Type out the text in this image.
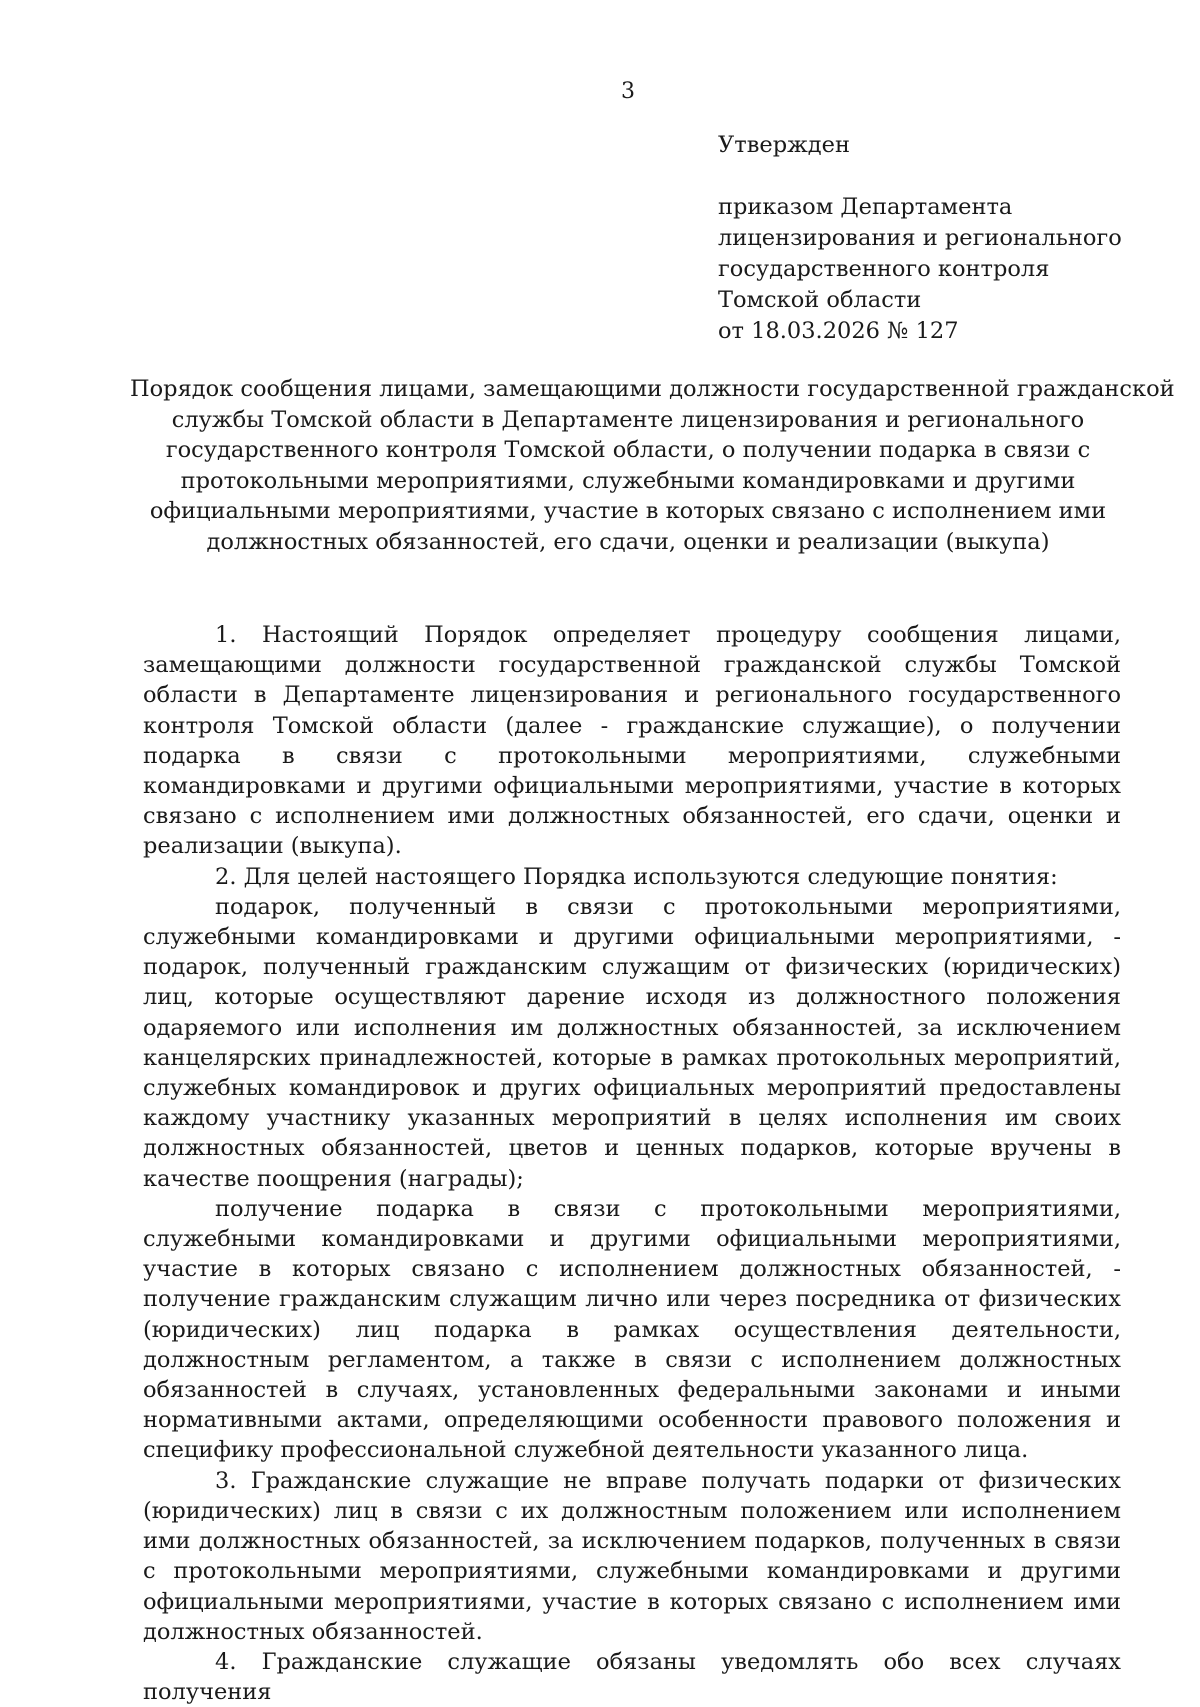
3

Утвержден

приказом Департамента
лицензирования и регионального
государственного контроля
Томской области
от 18.03.2026 № 127
Порядок сообщения лицами, замещающими должности государственной гражданской
службы Томской области в Департаменте лицензирования и регионального
государственного контроля Томской области, о получении подарка в связи с
протокольными мероприятиями, служебными командировками и другими
официальными мероприятиями, участие в которых связано с исполнением ими
должностных обязанностей, его сдачи, оценки и реализации (выкупа)

1. Настоящий Порядок определяет процедуру сообщения лицами, замещающими должности государственной гражданской службы Томской области в Департаменте лицензирования и регионального государственного контроля Томской области (далее - гражданские служащие), о получении подарка в связи с протокольными мероприятиями, служебными командировками и другими официальными мероприятиями, участие в которых связано с исполнением ими должностных обязанностей, его сдачи, оценки и реализации (выкупа).

2. Для целей настоящего Порядка используются следующие понятия:

подарок, полученный в связи с протокольными мероприятиями, служебными командировками и другими официальными мероприятиями, - подарок, полученный гражданским служащим от физических (юридических) лиц, которые осуществляют дарение исходя из должностного положения одаряемого или исполнения им должностных обязанностей, за исключением канцелярских принадлежностей, которые в рамках протокольных мероприятий, служебных командировок и других официальных мероприятий предоставлены каждому участнику указанных мероприятий в целях исполнения им своих должностных обязанностей, цветов и ценных подарков, которые вручены в качестве поощрения (награды);

получение подарка в связи с протокольными мероприятиями, служебными командировками и другими официальными мероприятиями, участие в которых связано с исполнением должностных обязанностей, - получение гражданским служащим лично или через посредника от физических (юридических) лиц подарка в рамках осуществления деятельности, должностным регламентом, а также в связи с исполнением должностных обязанностей в случаях, установленных федеральными законами и иными нормативными актами, определяющими особенности правового положения и специфику профессиональной служебной деятельности указанного лица.

3. Гражданские служащие не вправе получать подарки от физических (юридических) лиц в связи с их должностным положением или исполнением ими должностных обязанностей, за исключением подарков, полученных в связи с протокольными мероприятиями, служебными командировками и другими официальными мероприятиями, участие в которых связано с исполнением ими должностных обязанностей.

4. Гражданские служащие обязаны уведомлять обо всех случаях получения
